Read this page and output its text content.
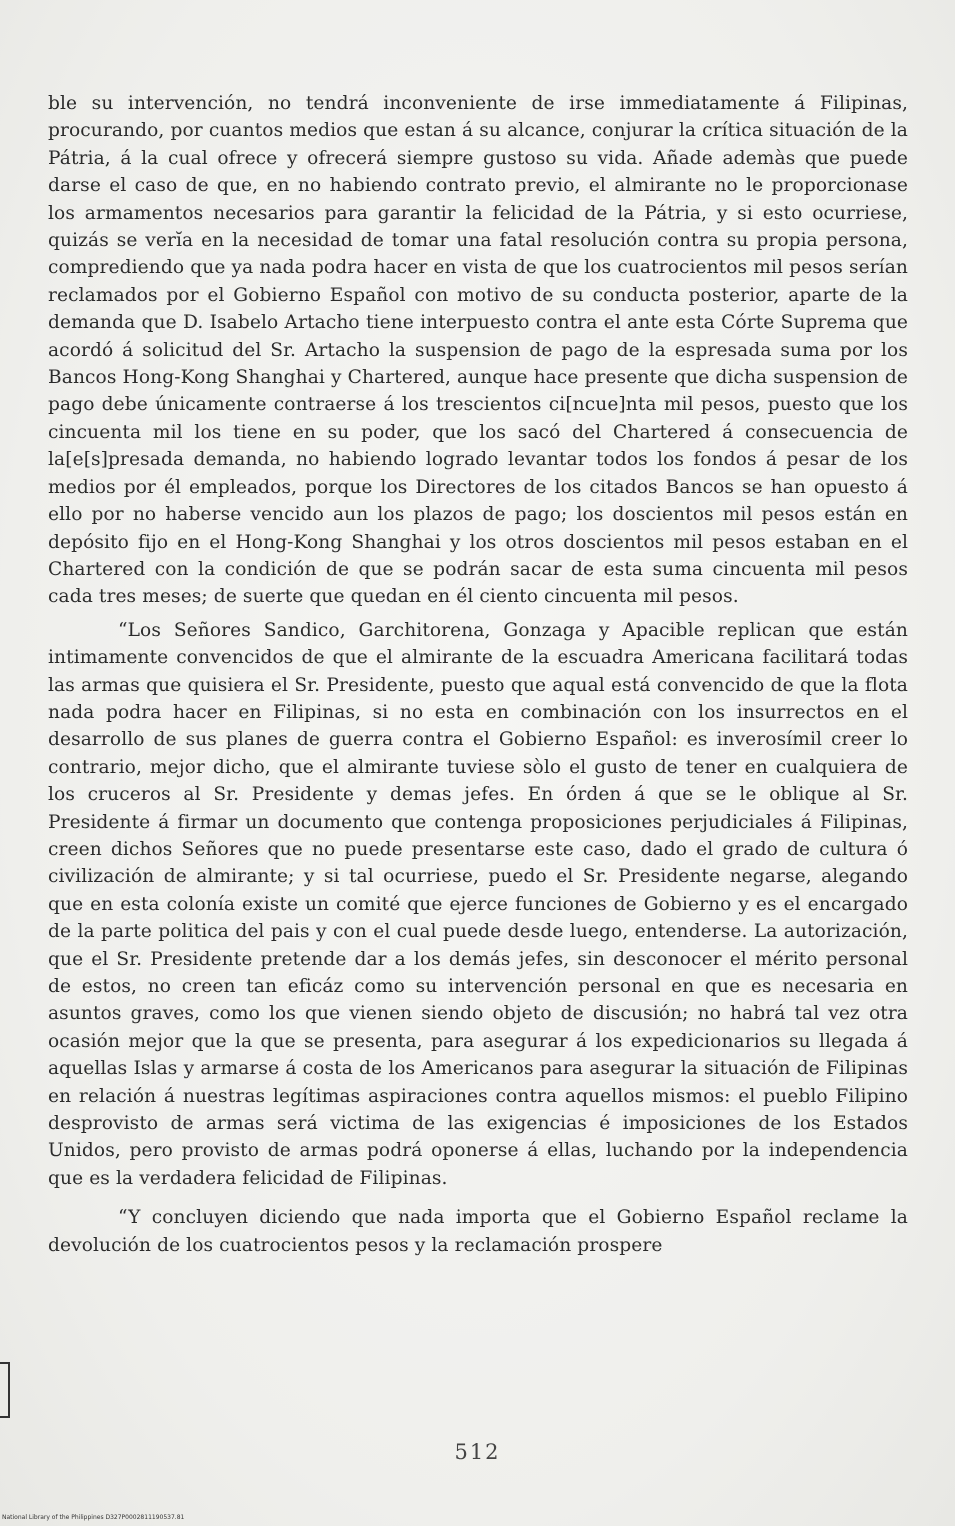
ble su intervención, no tendrá inconveniente de irse immediatamente á Filipinas, procurando, por cuantos medios que estan á su alcance, conjurar la crítica situación de la Pátria, á la cual ofrece y ofrecerá siempre gustoso su vida. Añade ademàs que puede darse el caso de que, en no habiendo contrato previo, el almirante no le proporcionase los armamentos necesarios para garantir la felicidad de la Pátria, y si esto ocurriese, quizás se verĭa en la necesidad de tomar una fatal resolución contra su propia persona, comprediendo que ya nada podra hacer en vista de que los cuatrocientos mil pesos serían reclamados por el Gobierno Español con motivo de su conducta posterior, aparte de la demanda que D. Isabelo Artacho tiene interpuesto contra el ante esta Córte Suprema que acordó á solicitud del Sr. Artacho la suspension de pago de la espresada suma por los Bancos Hong-Kong Shanghai y Chartered, aunque hace presente que dicha suspension de pago debe únicamente contraerse á los trescientos ci[ncue]nta mil pesos, puesto que los cincuenta mil los tiene en su poder, que los sacó del Chartered á consecuencia de la[e[s]presada demanda, no habiendo logrado levantar todos los fondos á pesar de los medios por él empleados, porque los Directores de los citados Bancos se han opuesto á ello por no haberse vencido aun los plazos de pago; los doscientos mil pesos están en depósito fijo en el Hong-Kong Shanghai y los otros doscientos mil pesos estaban en el Chartered con la condición de que se podrán sacar de esta suma cincuenta mil pesos cada tres meses; de suerte que quedan en él ciento cincuenta mil pesos.

“Los Señores Sandico, Garchitorena, Gonzaga y Apacible replican que están intimamente convencidos de que el almirante de la escuadra Americana facilitará todas las armas que quisiera el Sr. Presidente, puesto que aqual está convencido de que la flota nada podra hacer en Filipinas, si no esta en combinación con los insurrectos en el desarrollo de sus planes de guerra contra el Gobierno Español: es inverosímil creer lo contrario, mejor dicho, que el almirante tuviese sòlo el gusto de tener en cualquiera de los cruceros al Sr. Presidente y demas jefes. En órden á que se le oblique al Sr. Presidente á firmar un documento que contenga proposiciones perjudiciales á Filipinas, creen dichos Señores que no puede presentarse este caso, dado el grado de cultura ó civilización de almirante; y si tal ocurriese, puedo el Sr. Presidente negarse, alegando que en esta colonía existe un comité que ejerce funciones de Gobierno y es el encargado de la parte politica del pais y con el cual puede desde luego, entenderse. La autorización, que el Sr. Presidente pretende dar a los demás jefes, sin desconocer el mérito personal de estos, no creen tan eficáz como su intervención personal en que es necesaria en asuntos graves, como los que vienen siendo objeto de discusión; no habrá tal vez otra ocasión mejor que la que se presenta, para asegurar á los expedicionarios su llegada á aquellas Islas y armarse á costa de los Americanos para asegurar la situación de Filipinas en relación á nuestras legítimas aspiraciones contra aquellos mismos: el pueblo Filipino desprovisto de armas será victima de las exigencias é imposiciones de los Estados Unidos, pero provisto de armas podrá oponerse á ellas, luchando por la independencia que es la verdadera felicidad de Filipinas.

“Y concluyen diciendo que nada importa que el Gobierno Español reclame la devolución de los cuatrocientos pesos y la reclamación prospere

512
National Library of the Philippines D327P0002811190537.81
